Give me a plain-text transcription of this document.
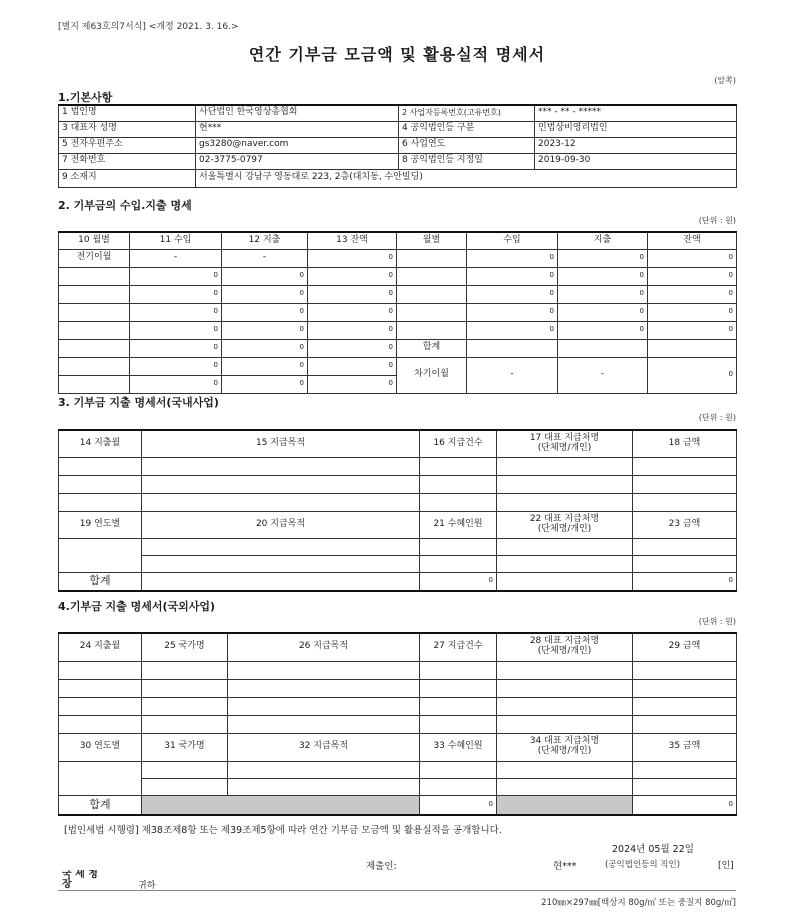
[별지 제63호의7서식] <개정 2021. 3. 16.>
연간 기부금 모금액 및 활용실적 명세서
(앞쪽)
1.기본사항
1 법인명	사단법인 한국영상총협회	2 사업자등록번호(고유번호)	*** - ** - *****
3 대표자 성명	현***	4 공익법인등 구분	민법상비영리법인
5 전자우편주소	gs3280@naver.com	6 사업연도	2023-12
7 전화번호	02-3775-0797	8 공익법인등 지정일	2019-09-30
9 소재지	서울특별시 강남구 영동대로 223, 2층(대치동, 수안빌딩)		
2. 기부금의 수입.지출 명세
(단위 : 원)
10 월별	11 수입	12 지출	13 잔액	월별	수입	지출	잔액
전기이월	-	-	0		0	0	0
	0	0	0		0	0	0
	0	0	0		0	0	0
	0	0	0		0	0	0
	0	0	0		0	0	0
	0	0	0	합계			
	0	0	0	차기이월	-	-	0
	0	0	0				
3. 기부금 지출 명세서(국내사업)
(단위 : 원)
14 지출월	15 지급목적	16 지급건수	17 대표 지급처명
(단체명/개인)	18 금액

19 연도별	20 지급목적	21 수혜인원	22 대표 지급처명
(단체명/개인)	23 금액

합계		0		0
4.기부금 지출 명세서(국외사업)
(단위 : 원)
24 지출월	25 국가명	26 지급목적	27 지급건수	28 대표 지급처명
(단체명/개인)	29 금액

30 연도별	31 국가명	32 지급목적	33 수혜인원	34 대표 지급처명
(단체명/개인)	35 금액

합계			0		0
[법인세법 시행령] 제38조제8항 또는 제39조제5항에 따라 연간 기부금 모금액 및 활용실적을 공개합니다.
2024년 05월 22일
제출인:	현***	(공익법인등의 직인)	[인]
국 세 청 장	귀하
210㎜×297㎜[백상지 80g/㎡ 또는 중질지 80g/㎡]
